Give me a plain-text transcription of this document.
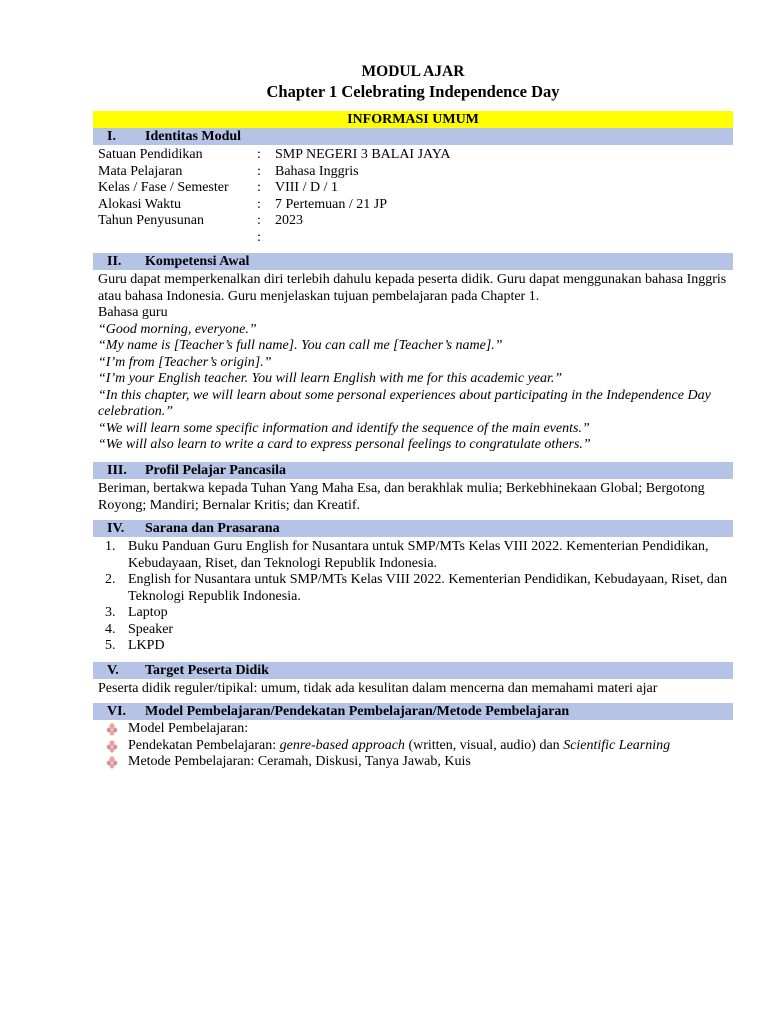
MODUL AJAR
Chapter 1 Celebrating Independence Day
INFORMASI UMUM
I. Identitas Modul
Satuan Pendidikan	: SMP NEGERI 3 BALAI JAYA
Mata Pelajaran	: Bahasa Inggris
Kelas / Fase / Semester : VIII / D / 1
Alokasi Waktu	: 7 Pertemuan / 21 JP
Tahun Penyusunan	: 2023
:
II. Kompetensi Awal

Guru dapat memperkenalkan diri terlebih dahulu kepada peserta didik. Guru dapat menggunakan bahasa Inggris atau bahasa Indonesia. Guru menjelaskan tujuan pembelajaran pada Chapter 1.

Bahasa guru

“Good morning, everyone.”

“My name is [Teacher’s full name]. You can call me [Teacher’s name].”

“I’m from [Teacher’s origin].”

“I’m your English teacher. You will learn English with me for this academic year.”

“In this chapter, we will learn about some personal experiences about participating in the Independence Day celebration.”

“We will learn some specific information and identify the sequence of the main events.”

“We will also learn to write a card to express personal feelings to congratulate others.”

III. Profil Pelajar Pancasila

Beriman, bertakwa kepada Tuhan Yang Maha Esa, dan berakhlak mulia; Berkebhinekaan Global; Bergotong Royong; Mandiri; Bernalar Kritis; dan Kreatif.

IV. Sarana dan Prasarana
1. Buku Panduan Guru English for Nusantara untuk SMP/MTs Kelas VIII 2022. Kementerian Pendidikan, Kebudayaan, Riset, dan Teknologi Republik Indonesia.
2. English for Nusantara untuk SMP/MTs Kelas VIII 2022. Kementerian Pendidikan, Kebudayaan, Riset, dan Teknologi Republik Indonesia.
3. Laptop
4. Speaker
5. LKPD
V. Target Peserta Didik

Peserta didik reguler/tipikal: umum, tidak ada kesulitan dalam mencerna dan memahami materi ajar

VI. Model Pembelajaran/Pendekatan Pembelajaran/Metode Pembelajaran
Model Pembelajaran:
Pendekatan Pembelajaran: genre-based approach (written, visual, audio) dan Scientific Learning
Metode Pembelajaran: Ceramah, Diskusi, Tanya Jawab, Kuis
